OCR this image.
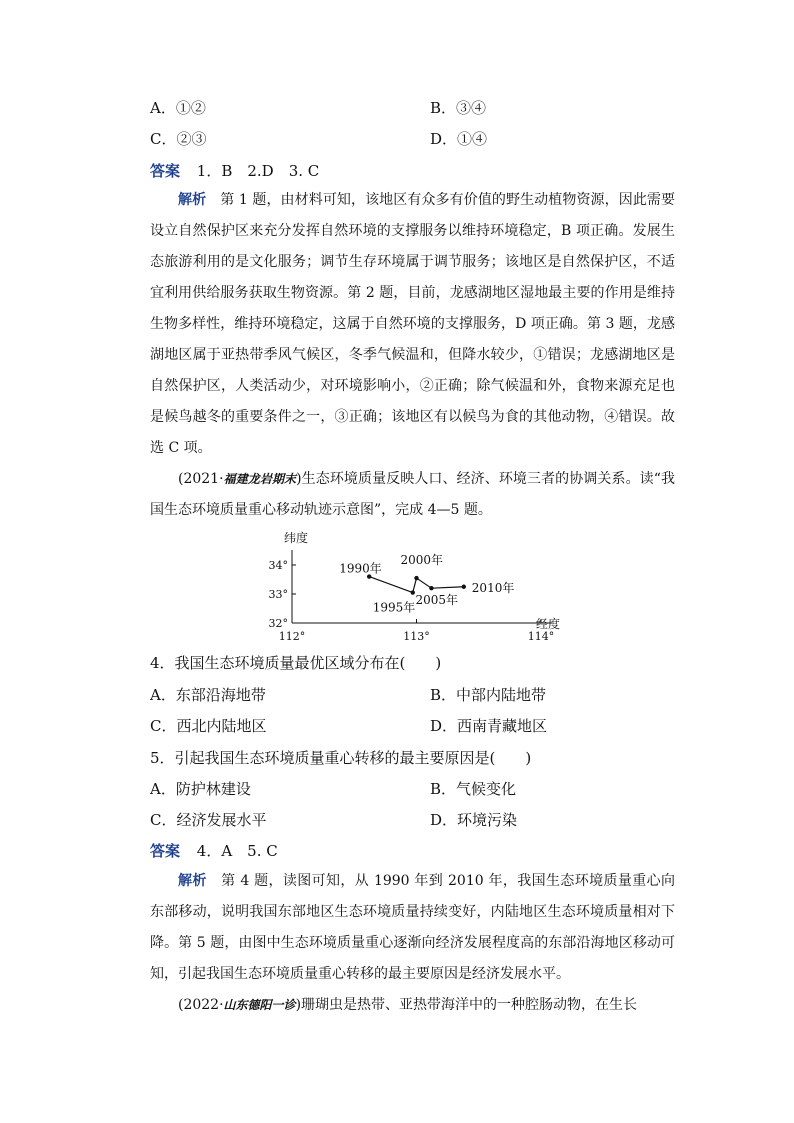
A．①②	B．③④
C．②③	D．①④
答案 1．B　2.D　3. C

解析　 第 1 题，由材料可知，该地区有众多有价值的野生动植物资源，因此需要设立自然保护区来充分发挥自然环境的支撑服务以维持环境稳定，B 项正确。发展生态旅游利用的是文化服务；调节生存环境属于调节服务；该地区是自然保护区，不适宜利用供给服务获取生物资源。第 2 题，目前，龙感湖地区湿地最主要的作用是维持生物多样性，维持环境稳定，这属于自然环境的支撑服务，D 项正确。第 3 题，龙感湖地区属于亚热带季风气候区，冬季气候温和，但降水较少，①错误；龙感湖地区是自然保护区，人类活动少，对环境影响小，②正确；除气候温和外，食物来源充足也是候鸟越冬的重要条件之一，③正确；该地区有以候鸟为食的其他动物，④错误。故选 C 项。

(2021·福建龙岩期末)生态环境质量反映人口、经济、环境三者的协调关系。读“我国生态环境质量重心移动轨迹示意图”，完成 4—5 题。

纬度
经度
112°	113°	114°
34°
33°
32°
1990年
1995年
2000年
2005年
2010年
4．我国生态环境质量最优区域分布在(　　)
A．东部沿海地带	B．中部内陆地带
C．西北内陆地区	D．西南青藏地区
5．引起我国生态环境质量重心转移的最主要原因是(　　)
A．防护林建设	B．气候变化
C．经济发展水平	D．环境污染
答案 4．A　5. C

解析　 第 4 题，读图可知，从 1990 年到 2010 年，我国生态环境质量重心向东部移动，说明我国东部地区生态环境质量持续变好，内陆地区生态环境质量相对下降。第 5 题，由图中生态环境质量重心逐渐向经济发展程度高的东部沿海地区移动可知，引起我国生态环境质量重心转移的最主要原因是经济发展水平。

(2022·山东德阳一诊)珊瑚虫是热带、亚热带海洋中的一种腔肠动物，在生长
